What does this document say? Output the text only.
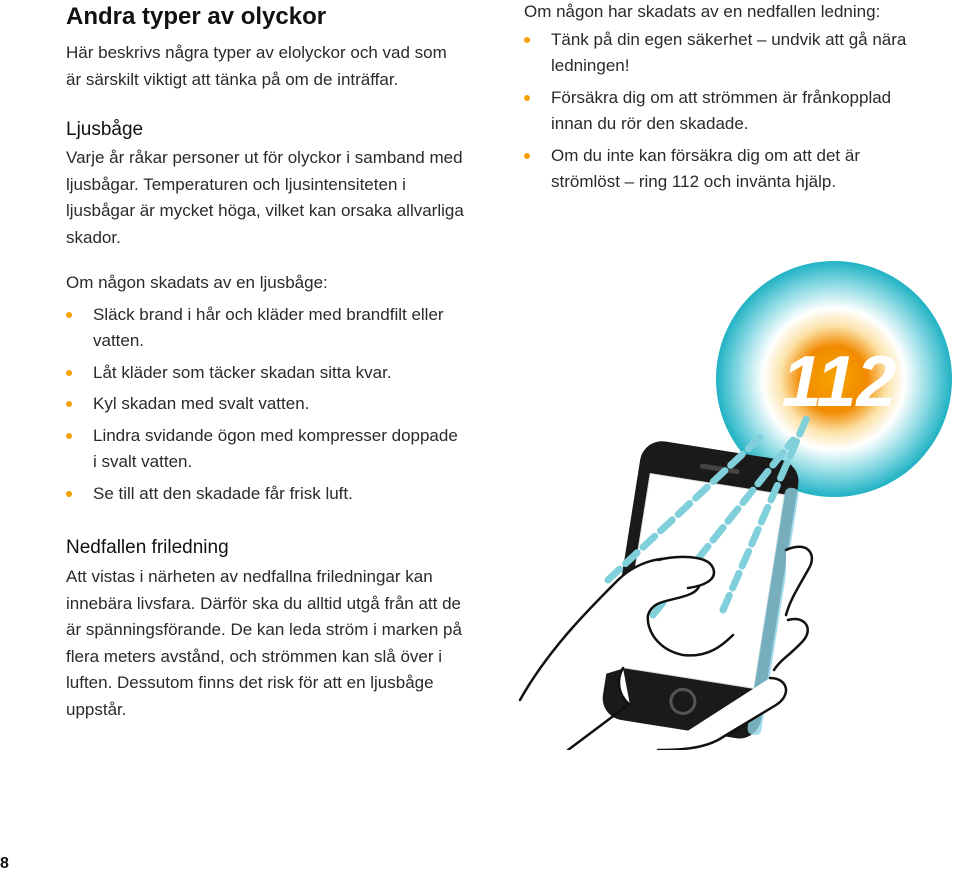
Andra typer av olyckor

Här beskrivs några typer av elolyckor och vad som är särskilt viktigt att tänka på om de inträffar.

Ljusbåge

Varje år råkar personer ut för olyckor i samband med ljusbågar. Temperaturen och ljusintensiteten i ljusbågar är mycket höga, vilket kan orsaka allvarliga skador.

Om någon skadats av en ljusbåge:

Släck brand i hår och kläder med brandfilt eller vatten.
Låt kläder som täcker skadan sitta kvar.
Kyl skadan med svalt vatten.
Lindra svidande ögon med kompresser doppade i svalt vatten.
Se till att den skadade får frisk luft.
Nedfallen friledning

Att vistas i närheten av nedfallna friledningar kan innebära livsfara. Därför ska du alltid utgå från att de är spänningsförande. De kan leda ström i marken på flera meters avstånd, och strömmen kan slå över i luften. Dessutom finns det risk för att en ljusbåge uppstår.

8

Om någon har skadats av en nedfallen ledning:

Tänk på din egen säkerhet – undvik att gå nära ledningen!
Försäkra dig om att strömmen är frånkopplad innan du rör den skadade.
Om du inte kan försäkra dig om att det är strömlöst – ring 112 och invänta hjälp.
112
